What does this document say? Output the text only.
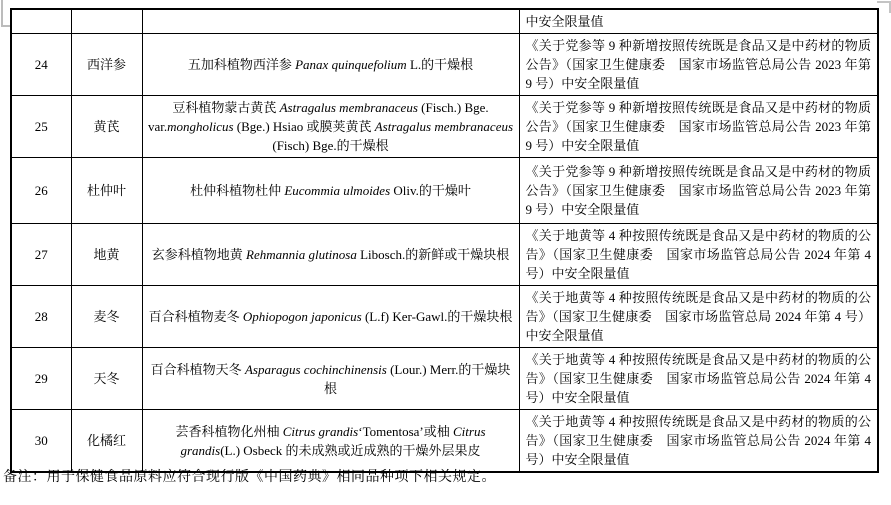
			中安全限量值
24	西洋参	五加科植物西洋参 Panax quinquefolium L.的干燥根	《关于党参等 9 种新增按照传统既是食品又是中药材的物质公告》（国家卫生健康委　国家市场监管总局公告 2023 年第 9 号）中安全限量值
25	黄芪	豆科植物蒙古黄芪 Astragalus membranaceus (Fisch.) Bge. var.mongholicus (Bge.) Hsiao 或膜荚黄芪 Astragalus membranaceus (Fisch) Bge.的干燥根	《关于党参等 9 种新增按照传统既是食品又是中药材的物质公告》（国家卫生健康委　国家市场监管总局公告 2023 年第 9 号）中安全限量值
26	杜仲叶	杜仲科植物杜仲 Eucommia ulmoides Oliv.的干燥叶	《关于党参等 9 种新增按照传统既是食品又是中药材的物质公告》（国家卫生健康委　国家市场监管总局公告 2023 年第 9 号）中安全限量值
27	地黄	玄参科植物地黄 Rehmannia glutinosa Libosch.的新鲜或干燥块根	《关于地黄等 4 种按照传统既是食品又是中药材的物质的公告》（国家卫生健康委　国家市场监管总局公告 2024 年第 4 号）中安全限量值
28	麦冬	百合科植物麦冬 Ophiopogon japonicus (L.f) Ker-Gawl.的干燥块根	《关于地黄等 4 种按照传统既是食品又是中药材的物质的公告》（国家卫生健康委　国家市场监管总局 2024 年第 4 号）中安全限量值
29	天冬	百合科植物天冬 Asparagus cochinchinensis (Lour.) Merr.的干燥块根	《关于地黄等 4 种按照传统既是食品又是中药材的物质的公告》（国家卫生健康委　国家市场监管总局公告 2024 年第 4 号）中安全限量值
30	化橘红	芸香科植物化州柚 Citrus grandis‘Tomentosa’或柚 Citrus grandis(L.) Osbeck 的未成熟或近成熟的干燥外层果皮	《关于地黄等 4 种按照传统既是食品又是中药材的物质的公告》（国家卫生健康委　国家市场监管总局公告 2024 年第 4 号）中安全限量值
备注：用于保健食品原料应符合现行版《中国药典》相同品种项下相关规定。
